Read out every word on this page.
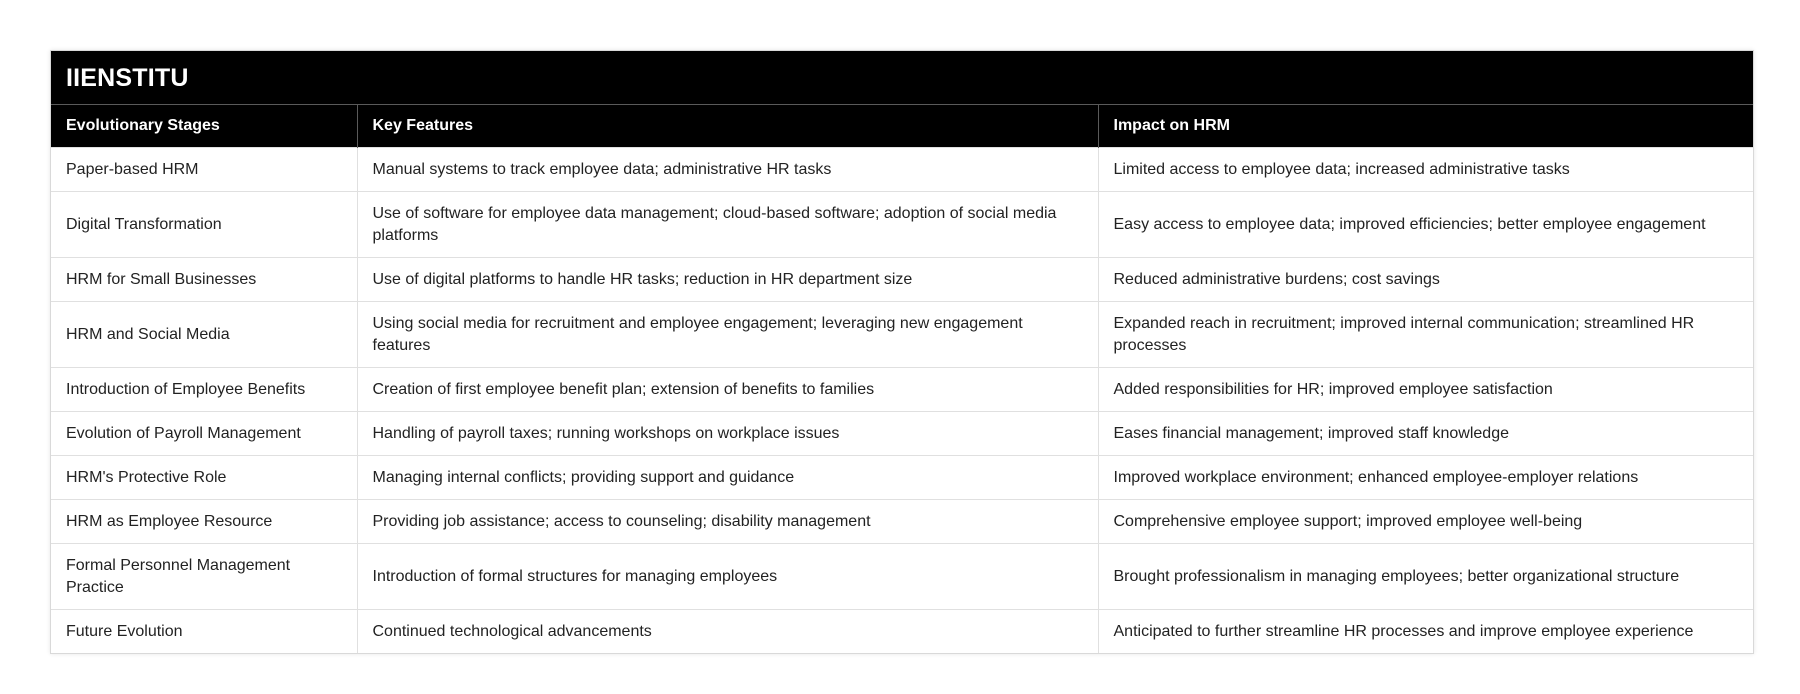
IIENSTITU
Evolutionary Stages	Key Features	Impact on HRM
Paper-based HRM	Manual systems to track employee data; administrative HR tasks	Limited access to employee data; increased administrative tasks
Digital Transformation	Use of software for employee data management; cloud-based software; adoption of social media platforms	Easy access to employee data; improved efficiencies; better employee engagement
HRM for Small Businesses	Use of digital platforms to handle HR tasks; reduction in HR department size	Reduced administrative burdens; cost savings
HRM and Social Media	Using social media for recruitment and employee engagement; leveraging new engagement features	Expanded reach in recruitment; improved internal communication; streamlined HR processes
Introduction of Employee Benefits	Creation of first employee benefit plan; extension of benefits to families	Added responsibilities for HR; improved employee satisfaction
Evolution of Payroll Management	Handling of payroll taxes; running workshops on workplace issues	Eases financial management; improved staff knowledge
HRM's Protective Role	Managing internal conflicts; providing support and guidance	Improved workplace environment; enhanced employee-employer relations
HRM as Employee Resource	Providing job assistance; access to counseling; disability management	Comprehensive employee support; improved employee well-being
Formal Personnel Management Practice	Introduction of formal structures for managing employees	Brought professionalism in managing employees; better organizational structure
Future Evolution	Continued technological advancements	Anticipated to further streamline HR processes and improve employee experience
